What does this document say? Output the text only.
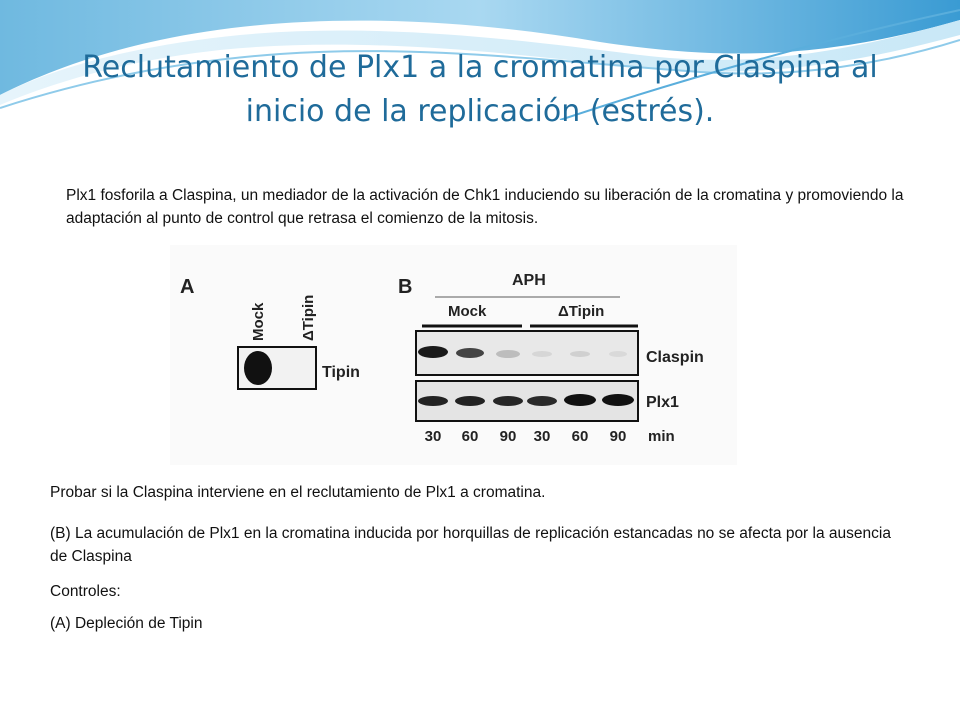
Reclutamiento de Plx1 a la cromatina por Claspina al inicio de la replicación (estrés).

Plx1 fosforila a Claspina, un mediador de la activación de Chk1 induciendo su liberación de la cromatina y promoviendo la adaptación al punto de control que retrasa el comienzo de la mitosis.

A
Mock ΔTipin
Tipin
B	APH
Mock	ΔTipin
Claspin
Plx1
30 60 90 30 60 90 min

Probar si la Claspina interviene en el reclutamiento de Plx1 a cromatina.

(B) La acumulación de Plx1 en la cromatina inducida por horquillas de replicación estancadas no se afecta por la ausencia de Claspina

Controles:

(A) Depleción de Tipin
